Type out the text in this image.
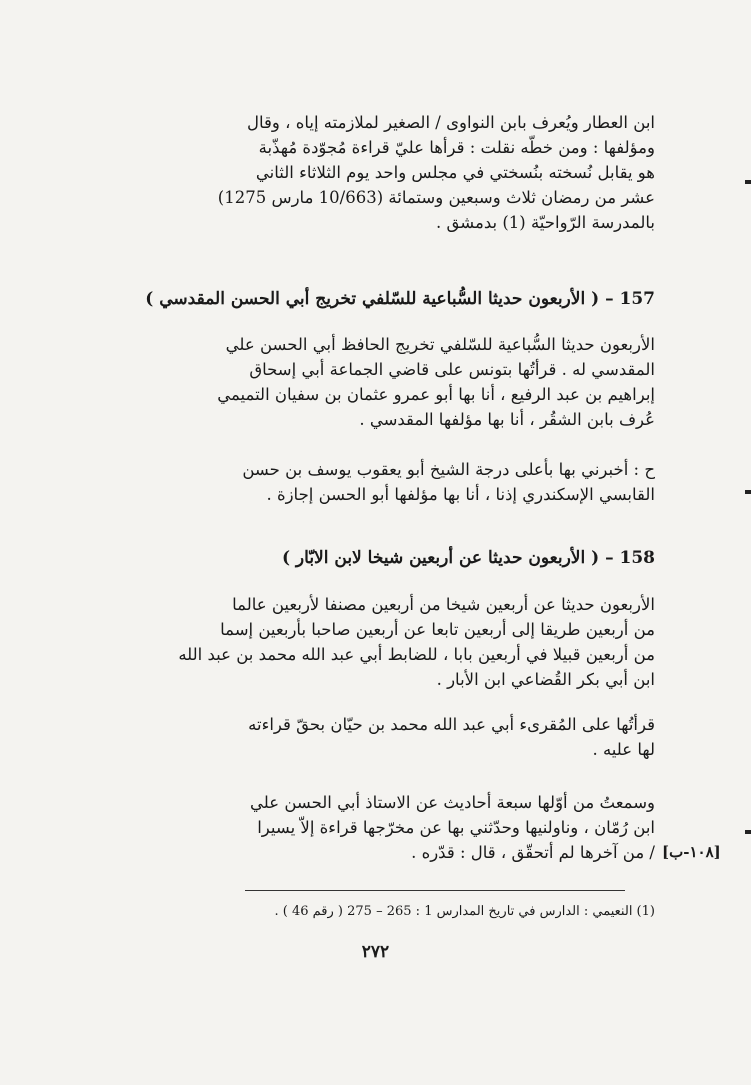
ابن العطار ويُعرف بابن النواوى / الصغير لملازمته إياه ، وقال
ومؤلفها : ومن خطّه نقلت : قرأها عليّ قراءة مُجوّدة مُهذّبة
هو يقابل نُسخته بنُسختي في مجلس واحد يوم الثلاثاء الثاني
عشر من رمضان ثلاث وسبعين وستمائة (10/663 مارس 1275)
بالمدرسة الرّواحيّة (1) بدمشق .
157 – ( الأربعون حديثا السُّباعية للسّلفي تخريج أبي الحسن المقدسي )
الأربعون حديثا السُّباعية للسّلفي تخريج الحافظ أبي الحسن علي
المقدسي له . قرأتُها بتونس على قاضي الجماعة أبي إسحاق
إبراهيم بن عبد الرفيع ، أنا بها أبو عمرو عثمان بن سفيان التميمي
عُرف بابن الشقُر ، أنا بها مؤلفها المقدسي .
ح : أخبرني بها بأعلى درجة الشيخ أبو يعقوب يوسف بن حسن
القابسي الإسكندري إذنا ، أنا بها مؤلفها أبو الحسن إجازة .
158 – ( الأربعون حديثا عن أربعين شيخا لابن الابّار )
الأربعون حديثا عن أربعين شيخا من أربعين مصنفا لأربعين عالما
من أربعين طريقا إلى أربعين تابعا عن أربعين صاحبا بأربعين إسما
من أربعين قبيلا في أربعين بابا ، للضابط أبي عبد الله محمد بن عبد الله
ابن أبي بكر القُضاعي ابن الأبار .
قرأتُها على المُقرىء أبي عبد الله محمد بن حيّان بحقّ قراءته
لها عليه .
وسمعتُ من أوّلها سبعة أحاديث عن الاستاذ أبي الحسن علي
ابن رُمّان ، وناولنيها وحدّثني بها عن مخرّجها قراءة إلاّ يسيرا
/ من آخرها لم أتحقّق ، قال : قدّره . [١٠٨-ب]
(1) النعيمي : الدارس في تاريخ المدارس 1 : 265 – 275 ( رقم 46 ) .
٢٧٢
